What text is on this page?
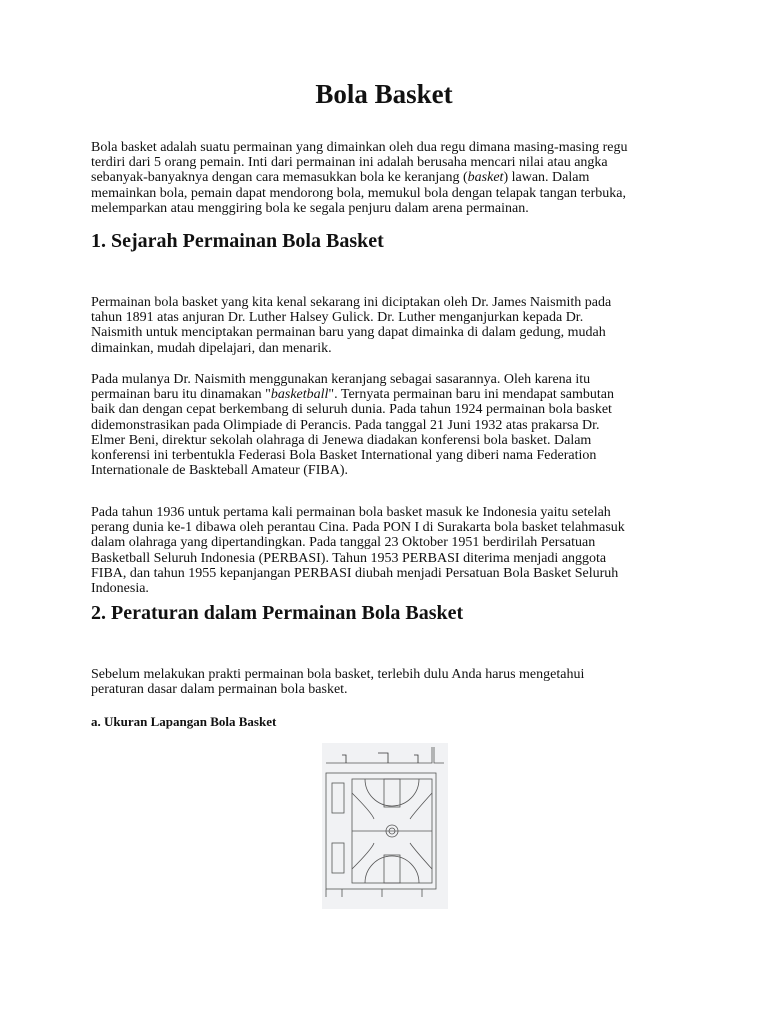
Bola Basket
Bola basket adalah suatu permainan yang dimainkan oleh dua regu dimana masing-masing regu
terdiri dari 5 orang pemain. Inti dari permainan ini adalah berusaha mencari nilai atau angka
sebanyak-banyaknya dengan cara memasukkan bola ke keranjang (basket) lawan. Dalam
memainkan bola, pemain dapat mendorong bola, memukul bola dengan telapak tangan terbuka,
melemparkan atau menggiring bola ke segala penjuru dalam arena permainan.
1. Sejarah Permainan Bola Basket
Permainan bola basket yang kita kenal sekarang ini diciptakan oleh Dr. James Naismith pada
tahun 1891 atas anjuran Dr. Luther Halsey Gulick. Dr. Luther menganjurkan kepada Dr.
Naismith untuk menciptakan permainan baru yang dapat dimainka di dalam gedung, mudah
dimainkan, mudah dipelajari, dan menarik.
Pada mulanya Dr. Naismith menggunakan keranjang sebagai sasarannya. Oleh karena itu
permainan baru itu dinamakan "basketball". Ternyata permainan baru ini mendapat sambutan
baik dan dengan cepat berkembang di seluruh dunia. Pada tahun 1924 permainan bola basket
didemonstrasikan pada Olimpiade di Perancis. Pada tanggal 21 Juni 1932 atas prakarsa Dr.
Elmer Beni, direktur sekolah olahraga di Jenewa diadakan konferensi bola basket. Dalam
konferensi ini terbentukla Federasi Bola Basket International yang diberi nama Federation
Internationale de Baskteball Amateur (FIBA).
Pada tahun 1936 untuk pertama kali permainan bola basket masuk ke Indonesia yaitu setelah
perang dunia ke-1 dibawa oleh perantau Cina. Pada PON I di Surakarta bola basket telahmasuk
dalam olahraga yang dipertandingkan. Pada tanggal 23 Oktober 1951 berdirilah Persatuan
Basketball Seluruh Indonesia (PERBASI). Tahun 1953 PERBASI diterima menjadi anggota
FIBA, dan tahun 1955 kepanjangan PERBASI diubah menjadi Persatuan Bola Basket Seluruh
Indonesia.
2. Peraturan dalam Permainan Bola Basket
Sebelum melakukan prakti permainan bola basket, terlebih dulu Anda harus mengetahui
peraturan dasar dalam permainan bola basket.
a. Ukuran Lapangan Bola Basket
